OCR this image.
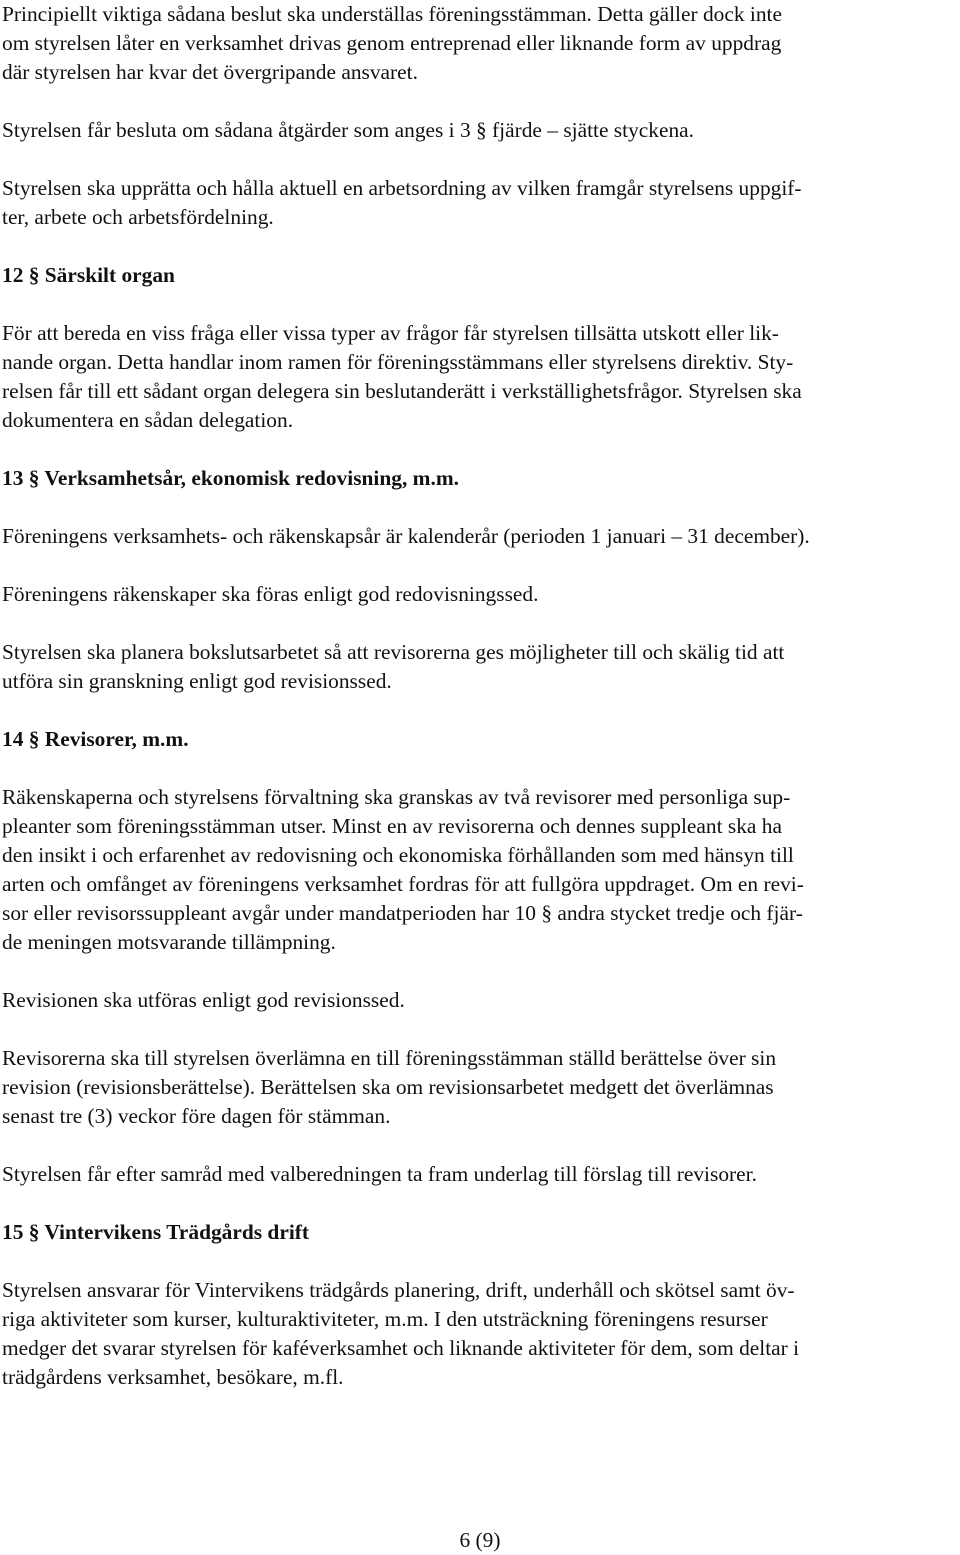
Principiellt viktiga sådana beslut ska underställas föreningsstämman. Detta gäller dock inte
om styrelsen låter en verksamhet drivas genom entreprenad eller liknande form av uppdrag
där styrelsen har kvar det övergripande ansvaret.

Styrelsen får besluta om sådana åtgärder som anges i 3 § fjärde – sjätte styckena.

Styrelsen ska upprätta och hålla aktuell en arbetsordning av vilken framgår styrelsens uppgif-
ter, arbete och arbetsfördelning.

12 § Särskilt organ

För att bereda en viss fråga eller vissa typer av frågor får styrelsen tillsätta utskott eller lik-
nande organ. Detta handlar inom ramen för föreningsstämmans eller styrelsens direktiv. Sty-
relsen får till ett sådant organ delegera sin beslutanderätt i verkställighetsfrågor. Styrelsen ska
dokumentera en sådan delegation.

13 § Verksamhetsår, ekonomisk redovisning, m.m.

Föreningens verksamhets- och räkenskapsår är kalenderår (perioden 1 januari – 31 december).

Föreningens räkenskaper ska föras enligt god redovisningssed.

Styrelsen ska planera bokslutsarbetet så att revisorerna ges möjligheter till och skälig tid att
utföra sin granskning enligt god revisionssed.

14 § Revisorer, m.m.

Räkenskaperna och styrelsens förvaltning ska granskas av två revisorer med personliga sup-
pleanter som föreningsstämman utser. Minst en av revisorerna och dennes suppleant ska ha
den insikt i och erfarenhet av redovisning och ekonomiska förhållanden som med hänsyn till
arten och omfånget av föreningens verksamhet fordras för att fullgöra uppdraget. Om en revi-
sor eller revisorssuppleant avgår under mandatperioden har 10 § andra stycket tredje och fjär-
de meningen motsvarande tillämpning.

Revisionen ska utföras enligt god revisionssed.

Revisorerna ska till styrelsen överlämna en till föreningsstämman ställd berättelse över sin
revision (revisionsberättelse). Berättelsen ska om revisionsarbetet medgett det överlämnas
senast tre (3) veckor före dagen för stämman.

Styrelsen får efter samråd med valberedningen ta fram underlag till förslag till revisorer.

15 § Vintervikens Trädgårds drift

Styrelsen ansvarar för Vintervikens trädgårds planering, drift, underhåll och skötsel samt öv-
riga aktiviteter som kurser, kulturaktiviteter, m.m. I den utsträckning föreningens resurser
medger det svarar styrelsen för kaféverksamhet och liknande aktiviteter för dem, som deltar i
trädgårdens verksamhet, besökare, m.fl.

6 (9)
